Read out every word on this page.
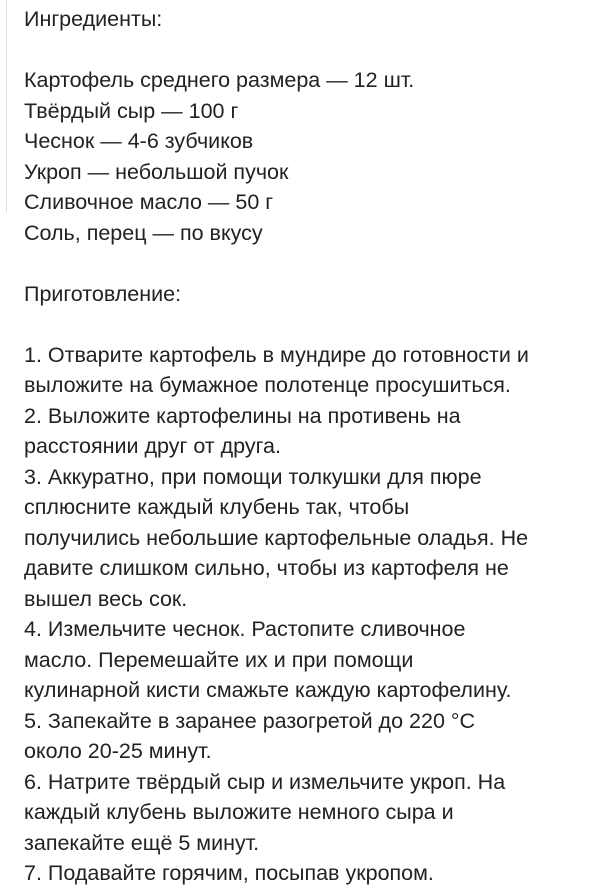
Ингредиенты:
Картофель среднего размера — 12 шт.
Твёрдый сыр — 100 г
Чеснок — 4-6 зубчиков
Укроп — небольшой пучок
Сливочное масло — 50 г
Соль, перец — по вкусу
Приготовление:
1. Отварите картофель в мундире до готовности и
выложите на бумажное полотенце просушиться.
2. Выложите картофелины на противень на
расстоянии друг от друга.
3. Аккуратно, при помощи толкушки для пюре
сплюсните каждый клубень так, чтобы
получились небольшие картофельные оладья. Не
давите слишком сильно, чтобы из картофеля не
вышел весь сок.
4. Измельчите чеснок. Растопите сливочное
масло. Перемешайте их и при помощи
кулинарной кисти смажьте каждую картофелину.
5. Запекайте в заранее разогретой до 220 °C
около 20-25 минут.
6. Натрите твёрдый сыр и измельчите укроп. На
каждый клубень выложите немного сыра и
запекайте ещё 5 минут.
7. Подавайте горячим, посыпав укропом.
